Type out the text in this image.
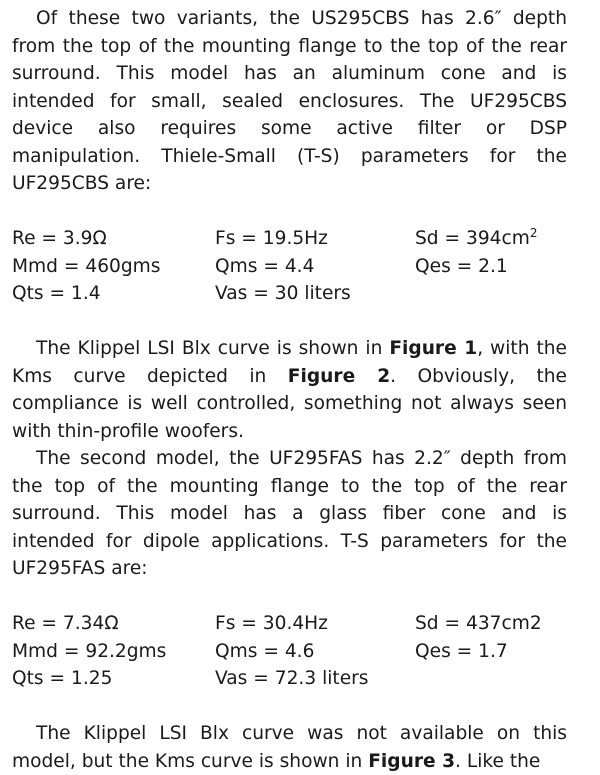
Of these two variants, the US295CBS has 2.6″ depth from the top of the mounting flange to the top of the rear surround. This model has an aluminum cone and is intended for small, sealed enclosures. The UF295CBS device also requires some active filter or DSP manipulation. Thiele-Small (T-S) parameters for the UF295CBS are:

Re = 3.9Ω	Fs = 19.5Hz	$Sd = 394cm^2$
Mmd = 460gms	Qms = 4.4	Qes = 2.1
Qts = 1.4	Vas = 30 liters

The Klippel LSI Blx curve is shown in Figure 1, with the Kms curve depicted in Figure 2. Obviously, the compliance is well controlled, something not always seen with thin-profile woofers.

The second model, the UF295FAS has 2.2″ depth from the top of the mounting flange to the top of the rear surround. This model has a glass fiber cone and is intended for dipole applications. T-S parameters for the UF295FAS are:

Re = 7.34Ω	Fs = 30.4Hz	Sd = 437cm2
Mmd = 92.2gms	Qms = 4.6	Qes = 1.7
Qts = 1.25	Vas = 72.3 liters

The Klippel LSI Blx curve was not available on this model, but the Kms curve is shown in Figure 3. Like the
